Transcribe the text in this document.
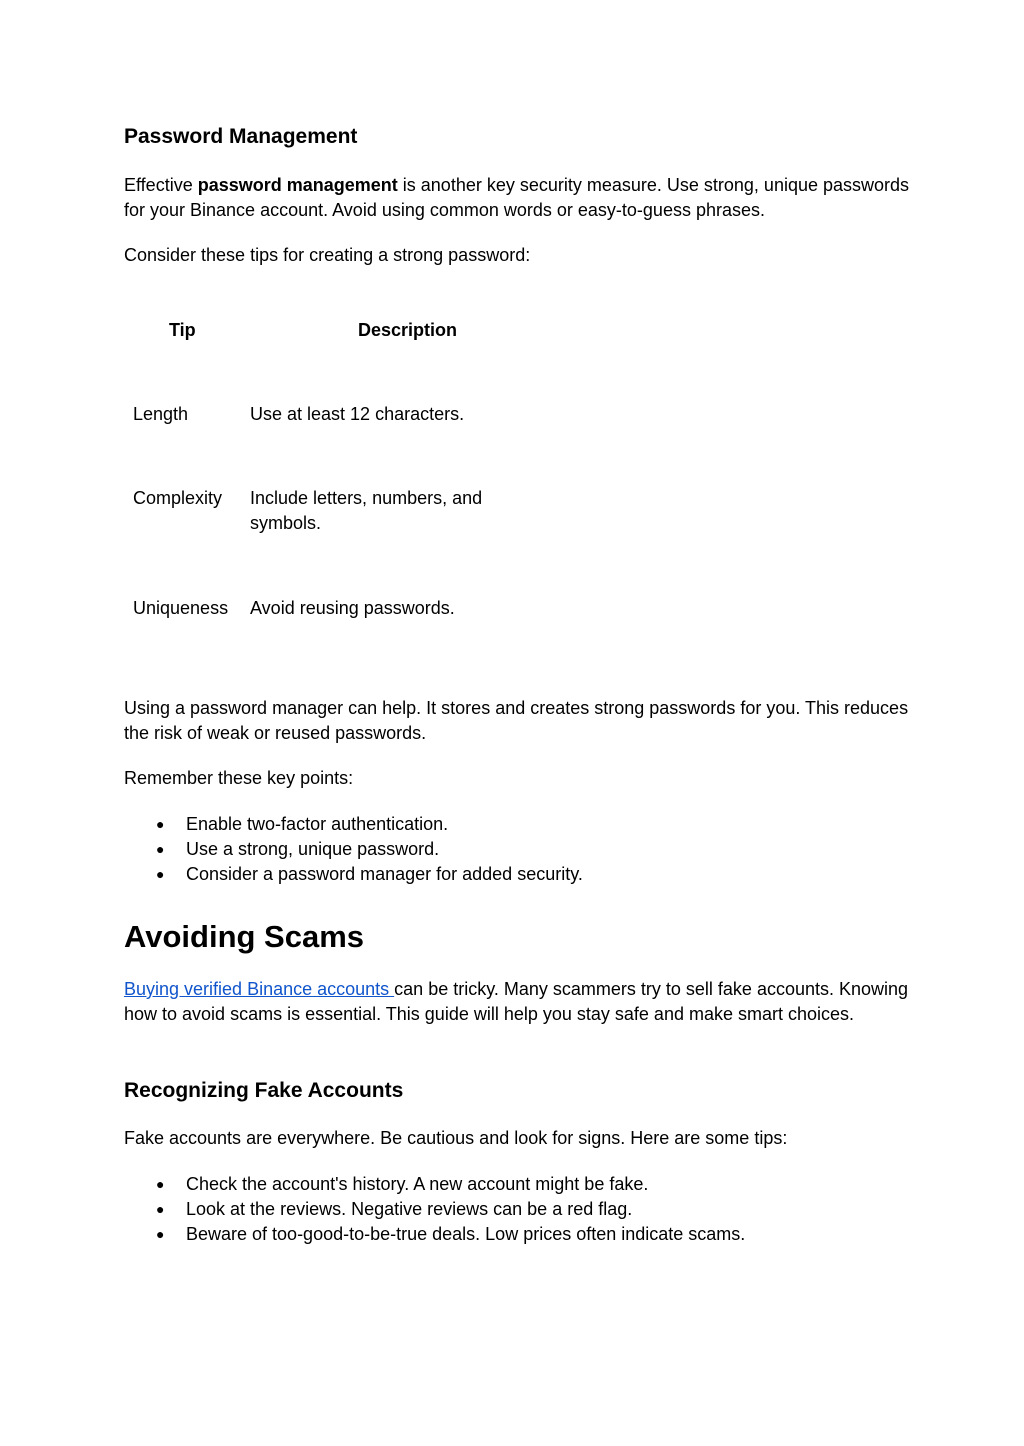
Password Management
Effective password management is another key security measure. Use strong, unique passwords for your Binance account. Avoid using common words or easy-to-guess phrases.
Consider these tips for creating a strong password:
Tip	Description
Length	Use at least 12 characters.
Complexity	Include letters, numbers, and symbols.
Uniqueness Avoid reusing passwords.
Using a password manager can help. It stores and creates strong passwords for you. This reduces the risk of weak or reused passwords.
Remember these key points:
● Enable two-factor authentication.
● Use a strong, unique password.
● Consider a password manager for added security.
Avoiding Scams
Buying verified Binance accounts can be tricky. Many scammers try to sell fake accounts. Knowing how to avoid scams is essential. This guide will help you stay safe and make smart choices.
Recognizing Fake Accounts
Fake accounts are everywhere. Be cautious and look for signs. Here are some tips:
● Check the account's history. A new account might be fake.
● Look at the reviews. Negative reviews can be a red flag.
● Beware of too-good-to-be-true deals. Low prices often indicate scams.
